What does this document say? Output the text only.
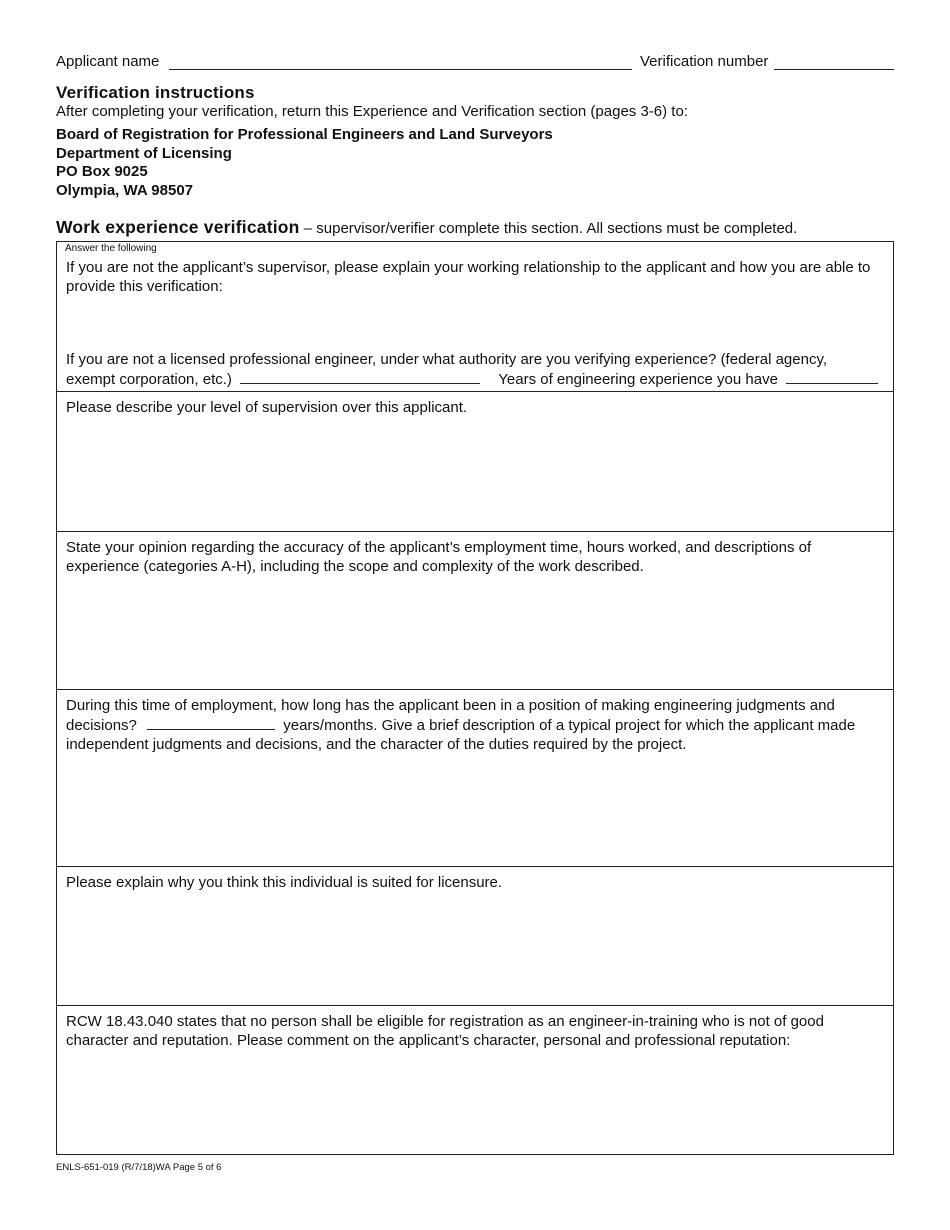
Applicant name	Verification number
Verification instructions
After completing your verification, return this Experience and Verification section (pages 3-6) to:
Board of Registration for Professional Engineers and Land Surveyors
Department of Licensing
PO Box 9025
Olympia, WA 98507
Work experience verification – supervisor/verifier complete this section. All sections must be completed.
Answer the following
If you are not the applicant’s supervisor, please explain your working relationship to the applicant and how you are able to provide this verification:
If you are not a licensed professional engineer, under what authority are you verifying experience? (federal agency,
exempt corporation, etc.)	Years of engineering experience you have
Please describe your level of supervision over this applicant.
State your opinion regarding the accuracy of the applicant’s employment time, hours worked, and descriptions of experience (categories A-H), including the scope and complexity of the work described.
During this time of employment, how long has the applicant been in a position of making engineering judgments and
decisions?	years/months. Give a brief description of a typical project for which the applicant made
independent judgments and decisions, and the character of the duties required by the project.
Please explain why you think this individual is suited for licensure.
RCW 18.43.040 states that no person shall be eligible for registration as an engineer-in-training who is not of good character and reputation. Please comment on the applicant’s character, personal and professional reputation:
ENLS-651-019 (R/7/18)WA Page 5 of 6
